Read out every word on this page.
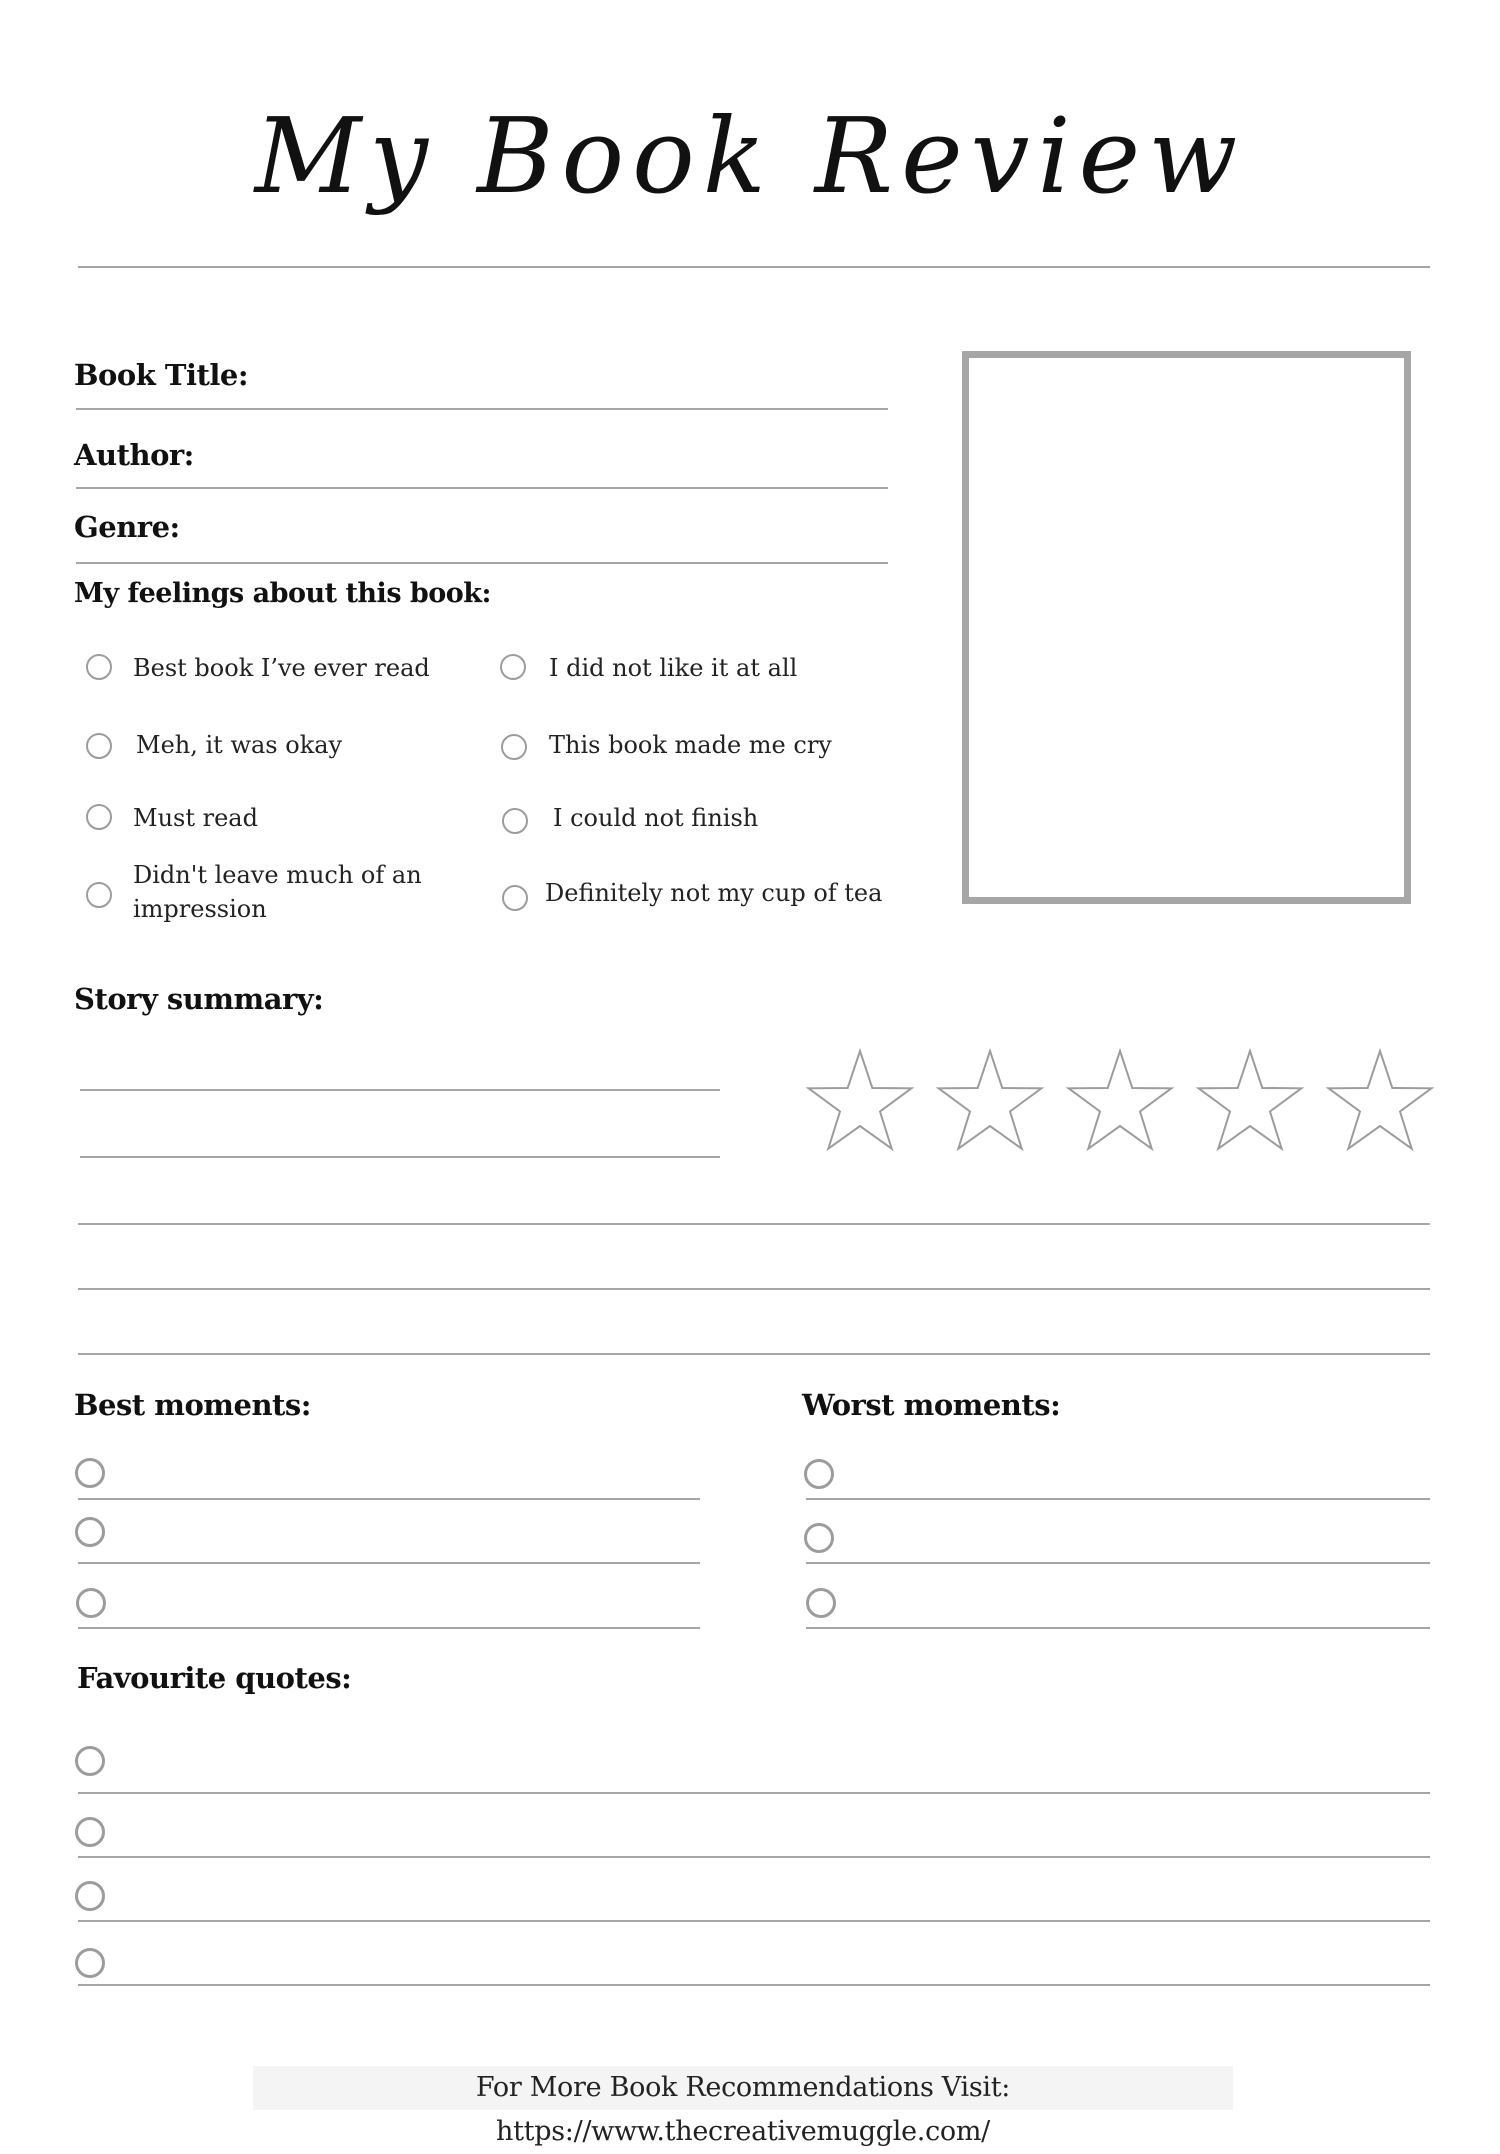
My Book Review
Book Title:
Author:
Genre:
My feelings about this book:
Best book I’ve ever read
Meh, it was okay
Must read
Didn't leave much of an impression
I did not like it at all
This book made me cry
I could not finish
Definitely not my cup of tea
Story summary:
Best moments:	Worst moments:
Favourite quotes:
For More Book Recommendations Visit: https://www.thecreativemuggle.com/
